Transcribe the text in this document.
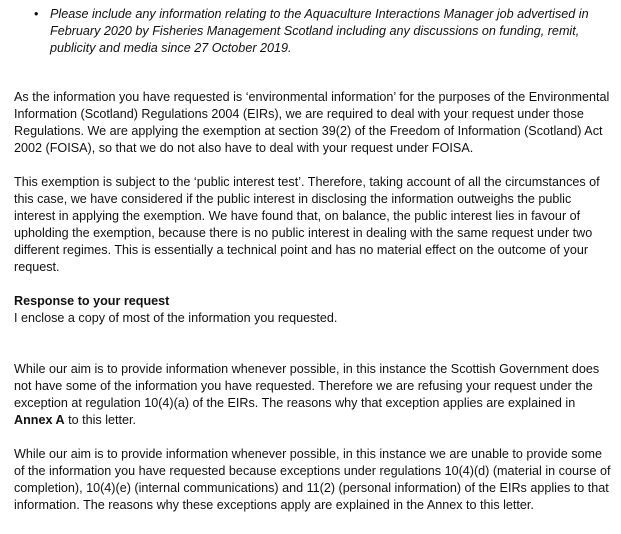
• Please include any information relating to the Aquaculture Interactions Manager job advertised in February 2020 by Fisheries Management Scotland including any discussions on funding, remit, publicity and media since 27 October 2019.

As the information you have requested is ‘environmental information’ for the purposes of the Environmental Information (Scotland) Regulations 2004 (EIRs), we are required to deal with your request under those Regulations. We are applying the exemption at section 39(2) of the Freedom of Information (Scotland) Act 2002 (FOISA), so that we do not also have to deal with your request under FOISA.

This exemption is subject to the ‘public interest test’. Therefore, taking account of all the circumstances of this case, we have considered if the public interest in disclosing the information outweighs the public interest in applying the exemption. We have found that, on balance, the public interest lies in favour of upholding the exemption, because there is no public interest in dealing with the same request under two different regimes. This is essentially a technical point and has no material effect on the outcome of your request.

Response to your request

I enclose a copy of most of the information you requested.

While our aim is to provide information whenever possible, in this instance the Scottish Government does not have some of the information you have requested. Therefore we are refusing your request under the exception at regulation 10(4)(a) of the EIRs. The reasons why that exception applies are explained in Annex A to this letter.

While our aim is to provide information whenever possible, in this instance we are unable to provide some of the information you have requested because exceptions under regulations 10(4)(d) (material in course of completion), 10(4)(e) (internal communications) and 11(2) (personal information) of the EIRs applies to that information. The reasons why these exceptions apply are explained in the Annex to this letter.
